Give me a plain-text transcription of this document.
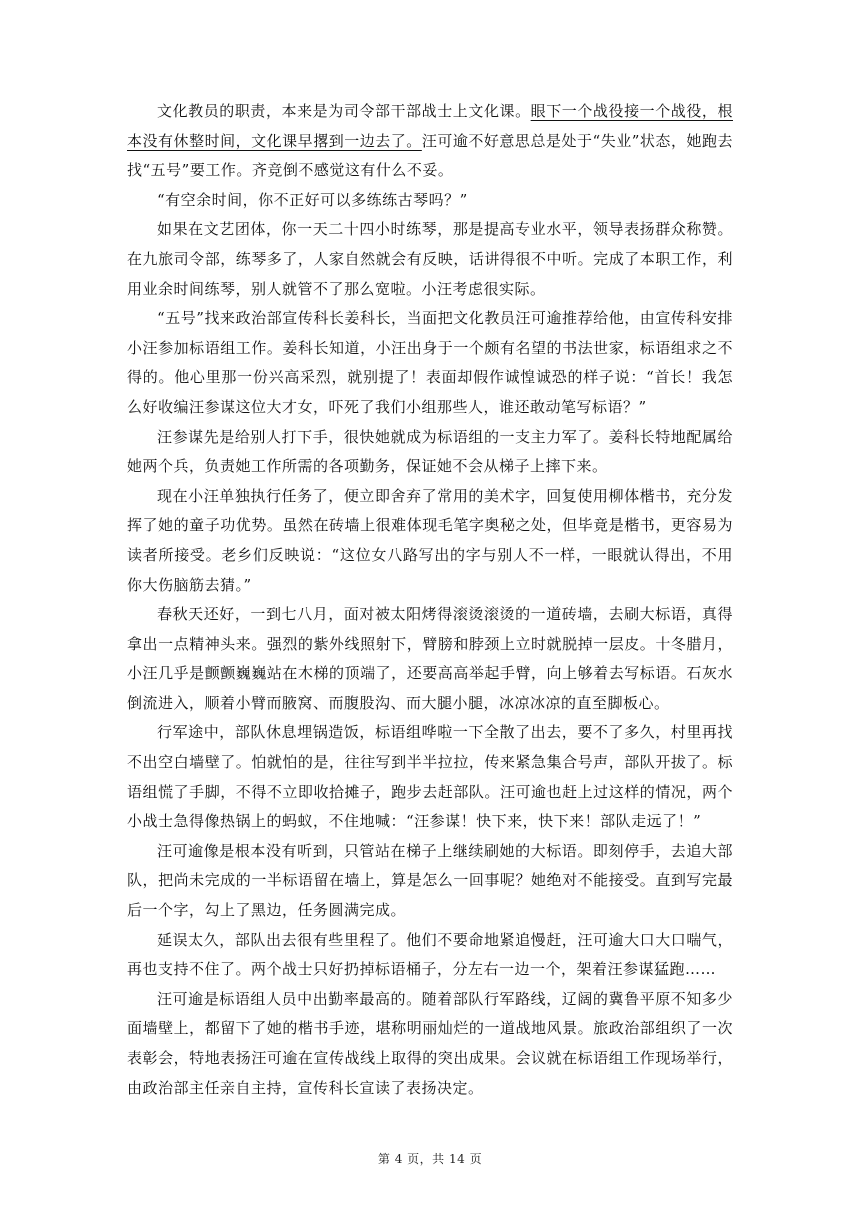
文化教员的职责，本来是为司令部干部战士上文化课。眼下一个战役接一个战役，根本没有休整时间，文化课早撂到一边去了。汪可逾不好意思总是处于“失业”状态，她跑去找“五号”要工作。齐竞倒不感觉这有什么不妥。

“有空余时间，你不正好可以多练练古琴吗？”

如果在文艺团体，你一天二十四小时练琴，那是提高专业水平，领导表扬群众称赞。在九旅司令部，练琴多了，人家自然就会有反映，话讲得很不中听。完成了本职工作，利用业余时间练琴，别人就管不了那么宽啦。小汪考虑很实际。

“五号”找来政治部宣传科长姜科长，当面把文化教员汪可逾推荐给他，由宣传科安排小汪参加标语组工作。姜科长知道，小汪出身于一个颇有名望的书法世家，标语组求之不得的。他心里那一份兴高采烈，就别提了！表面却假作诚惶诚恐的样子说：“首长！我怎么好收编汪参谋这位大才女，吓死了我们小组那些人，谁还敢动笔写标语？”

汪参谋先是给别人打下手，很快她就成为标语组的一支主力军了。姜科长特地配属给她两个兵，负责她工作所需的各项勤务，保证她不会从梯子上摔下来。

现在小汪单独执行任务了，便立即舍弃了常用的美术字，回复使用柳体楷书，充分发挥了她的童子功优势。虽然在砖墙上很难体现毛笔字奥秘之处，但毕竟是楷书，更容易为读者所接受。老乡们反映说：“这位女八路写出的字与别人不一样，一眼就认得出，不用你大伤脑筋去猜。”

春秋天还好，一到七八月，面对被太阳烤得滚烫滚烫的一道砖墙，去刷大标语，真得拿出一点精神头来。强烈的紫外线照射下，臂膀和脖颈上立时就脱掉一层皮。十冬腊月，小汪几乎是颤颤巍巍站在木梯的顶端了，还要高高举起手臂，向上够着去写标语。石灰水倒流进入，顺着小臂而腋窝、而腹股沟、而大腿小腿，冰凉冰凉的直至脚板心。

行军途中，部队休息埋锅造饭，标语组哗啦一下全散了出去，要不了多久，村里再找不出空白墙壁了。怕就怕的是，往往写到半半拉拉，传来紧急集合号声，部队开拔了。标语组慌了手脚，不得不立即收拾摊子，跑步去赶部队。汪可逾也赶上过这样的情况，两个小战士急得像热锅上的蚂蚁，不住地喊：“汪参谋！快下来，快下来！部队走远了！”

汪可逾像是根本没有听到，只管站在梯子上继续刷她的大标语。即刻停手，去追大部队，把尚未完成的一半标语留在墙上，算是怎么一回事呢？她绝对不能接受。直到写完最后一个字，勾上了黑边，任务圆满完成。

延误太久，部队出去很有些里程了。他们不要命地紧追慢赶，汪可逾大口大口喘气，再也支持不住了。两个战士只好扔掉标语桶子，分左右一边一个，架着汪参谋猛跑……

汪可逾是标语组人员中出勤率最高的。随着部队行军路线，辽阔的冀鲁平原不知多少面墙壁上，都留下了她的楷书手迹，堪称明丽灿烂的一道战地风景。旅政治部组织了一次表彰会，特地表扬汪可逾在宣传战线上取得的突出成果。会议就在标语组工作现场举行，由政治部主任亲自主持，宣传科长宣读了表扬决定。

第 4 页，共 14 页
